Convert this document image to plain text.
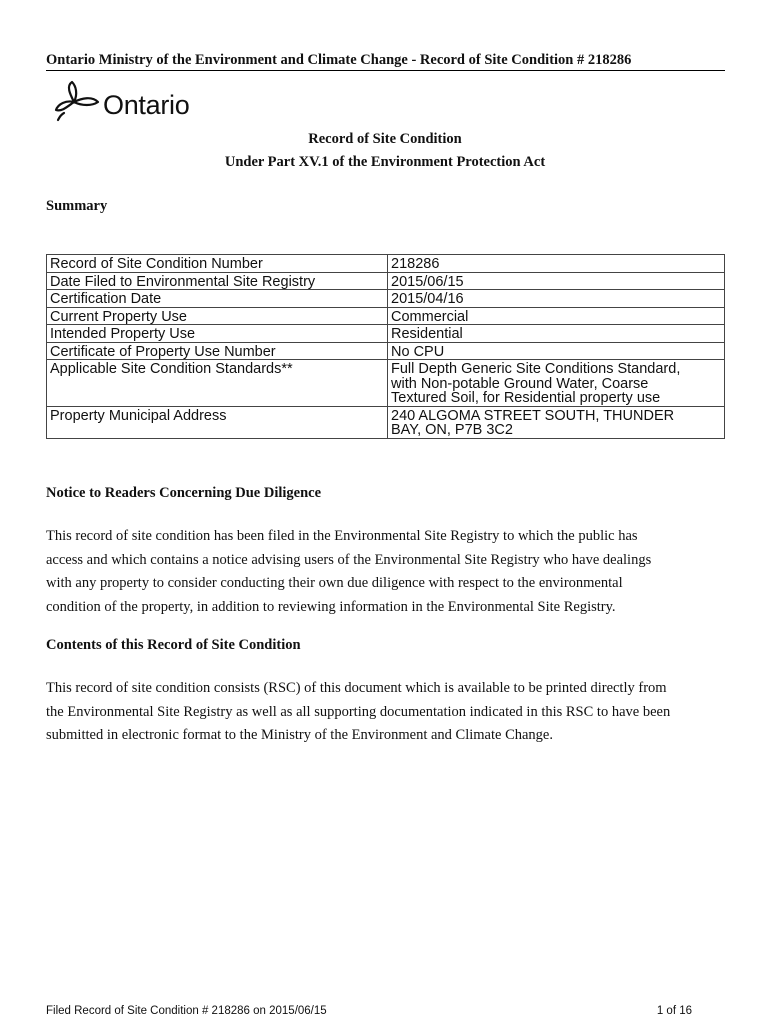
Ontario Ministry of the Environment and Climate Change - Record of Site Condition # 218286
Ontario
Record of Site Condition
Under Part XV.1 of the Environment Protection Act
Summary
Record of Site Condition Number	218286
Date Filed to Environmental Site Registry	2015/06/15
Certification Date	2015/04/16
Current Property Use	Commercial
Intended Property Use	Residential
Certificate of Property Use Number	No CPU
Applicable Site Condition Standards**	Full Depth Generic Site Conditions Standard,
with Non-potable Ground Water, Coarse
Textured Soil, for Residential property use

Property Municipal Address	240 ALGOMA STREET SOUTH, THUNDER
BAY, ON, P7B 3C2
Notice to Readers Concerning Due Diligence
This record of site condition has been filed in the Environmental Site Registry to which the public has
access and which contains a notice advising users of the Environmental Site Registry who have dealings
with any property to consider conducting their own due diligence with respect to the environmental
condition of the property, in addition to reviewing information in the Environmental Site Registry.
Contents of this Record of Site Condition
This record of site condition consists (RSC) of this document which is available to be printed directly from
the Environmental Site Registry as well as all supporting documentation indicated in this RSC to have been
submitted in electronic format to the Ministry of the Environment and Climate Change.
Filed Record of Site Condition # 218286 on 2015/06/15	1 of 16
